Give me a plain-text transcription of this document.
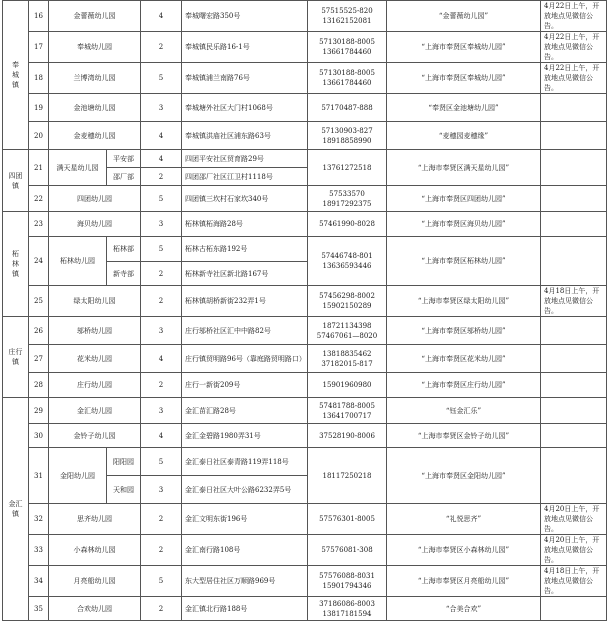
奉
城
镇	16	金蕾薇幼儿园		4	奉城曙宏路350号	57515525-820
13162152081	“金蕾薇幼儿园”	4月22日上午，开放地点见微信公告。
	17	奉城幼儿园		2	奉城镇民乐路16-1号	57130188-8005
13661784460	“上海市奉贤区奉城幼儿园”	4月22日上午，开放地点见微信公告。
	18	兰博湾幼儿园		5	奉城镇浦兰南路76号	57130188-8005
13661784460	“上海市奉贤区奉城幼儿园”	4月22日上午，开放地点见微信公告。
	19	金池塘幼儿园		3	奉城塘外社区大门村1068号	57170487-888	“奉贤区金池塘幼儿园”	
	20	金麦穗幼儿园		4	奉城镇洪庙社区浦东路63号	57130903-827
18918858990	“麦穗园麦穗缘”	
四团
镇	21	满天星幼儿园	平安部	4	四团平安社区贸育路29号	13761272518	“上海市奉贤区满天星幼儿园”	
			邵厂部	2	四团邵厂社区江卫村1118号			
	22	四团幼儿园		5	四团镇三坎村石家坎340号	57533570
18917292375	“上海市奉贤区四团幼儿园”	
柘
林
镇	23	海贝幼儿园		3	柘林镇柘海路28号	57461990-8028	“上海市奉贤区海贝幼儿园”	
	24	柘林幼儿园	柘林部	5	柘林古柘东路192号	57446748-801
13636593446	“上海市奉贤区柘林幼儿园”	
			新寺部	2	柘林新寺社区新北路167号			
	25	绿太阳幼儿园		2	柘林镇胡桥新街232弄1号	57456298-8002
15902150289	“上海市奉贤区绿太阳幼儿园”	4月18日上午，开放地点见微信公告。
庄行
镇	26	邬桥幼儿园		3	庄行邬桥社区汇中中路82号	18721134398
57467061—8020	“上海市奉贤区邬桥幼儿园”	
	27	花米幼儿园		4	庄行镇贸明路96号（靠庭路贸明路口）	13818835462
37182015-817	“上海市奉贤区花米幼儿园”	
	28	庄行幼儿园		2	庄行一新街209号	15901960980	“上海市奉贤区庄行幼儿园”	
金汇
镇	29	金汇幼儿园		3	金汇苗汇路28号	57481788-8005
13641700717	“钰金汇乐”	
	30	金铃子幼儿园		4	金汇金碧路1980弄31号	37528190-8006	“上海市奉贤区金铃子幼儿园”	
	31	金阳幼儿园	阳阳园	5	金汇泰日社区泰青路119弄118号	18117250218	“上海市奉贤区金阳幼儿园”	
			天和园	3	金汇泰日社区大叶公路6232弄5号			
	32	思齐幼儿园		2	金汇文明东街196号	57576301-8005	“礼悦思齐”	4月20日上午，开放地点见微信公告。
	33	小森林幼儿园		2	金汇南行路108号	57576081-308	“上海市奉贤区小森林幼儿园”	4月20日上午，开放地点见微信公告。
	34	月亮船幼儿园		5	东大型居住社区万顺路969号	57576088-8031
15901794346	“上海市奉贤区月亮船幼儿园”	4月18日上午，开放地点见微信公告。
	35	合欢幼儿园		2	金汇镇北行路188号	37186086-8003
13817181594	“合美合欢”	
